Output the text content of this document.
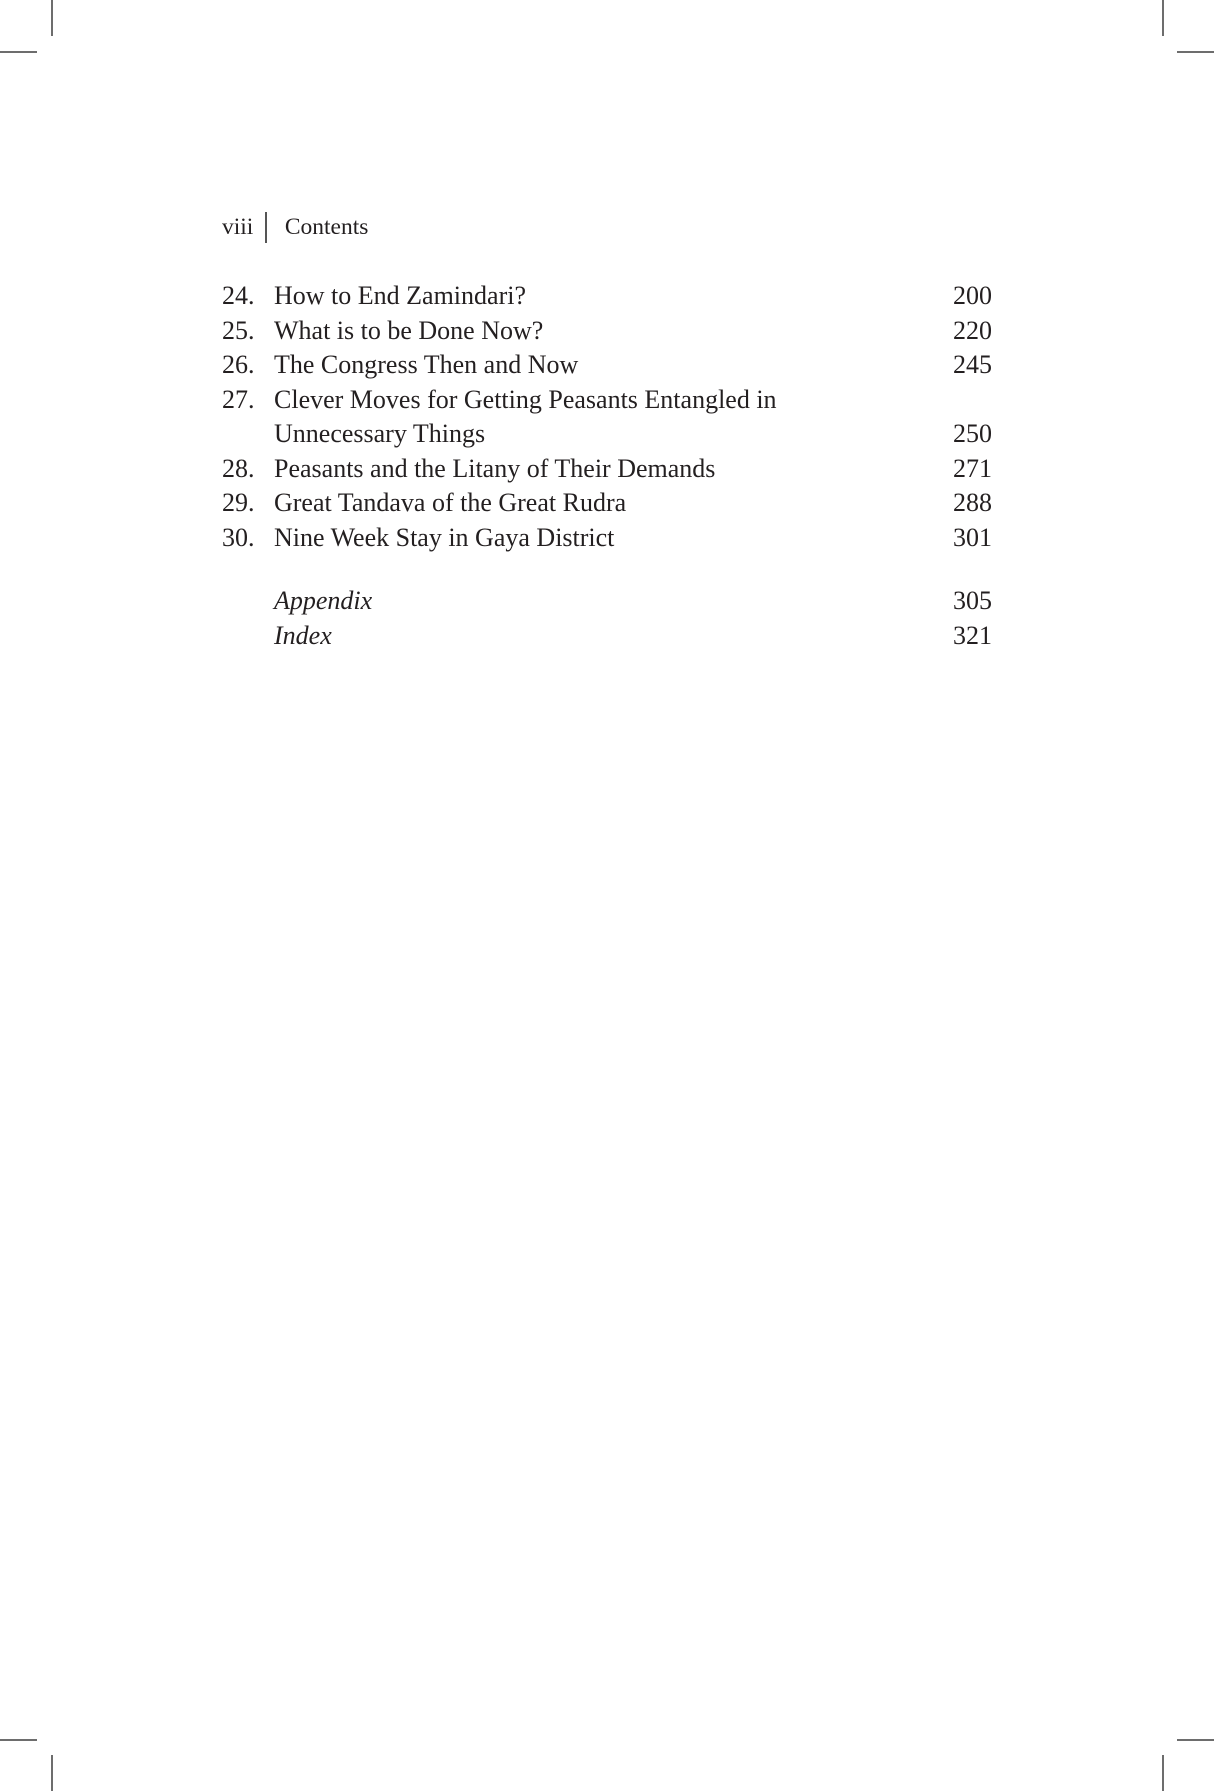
viii Contents
24. How to End Zamindari?	200
25. What is to be Done Now?	220
26. The Congress Then and Now	245
27. Clever Moves for Getting Peasants Entangled in
Unnecessary Things	250
28. Peasants and the Litany of Their Demands	271
29. Great Tandava of the Great Rudra	288
30. Nine Week Stay in Gaya District	301
Appendix	305
Index	321
